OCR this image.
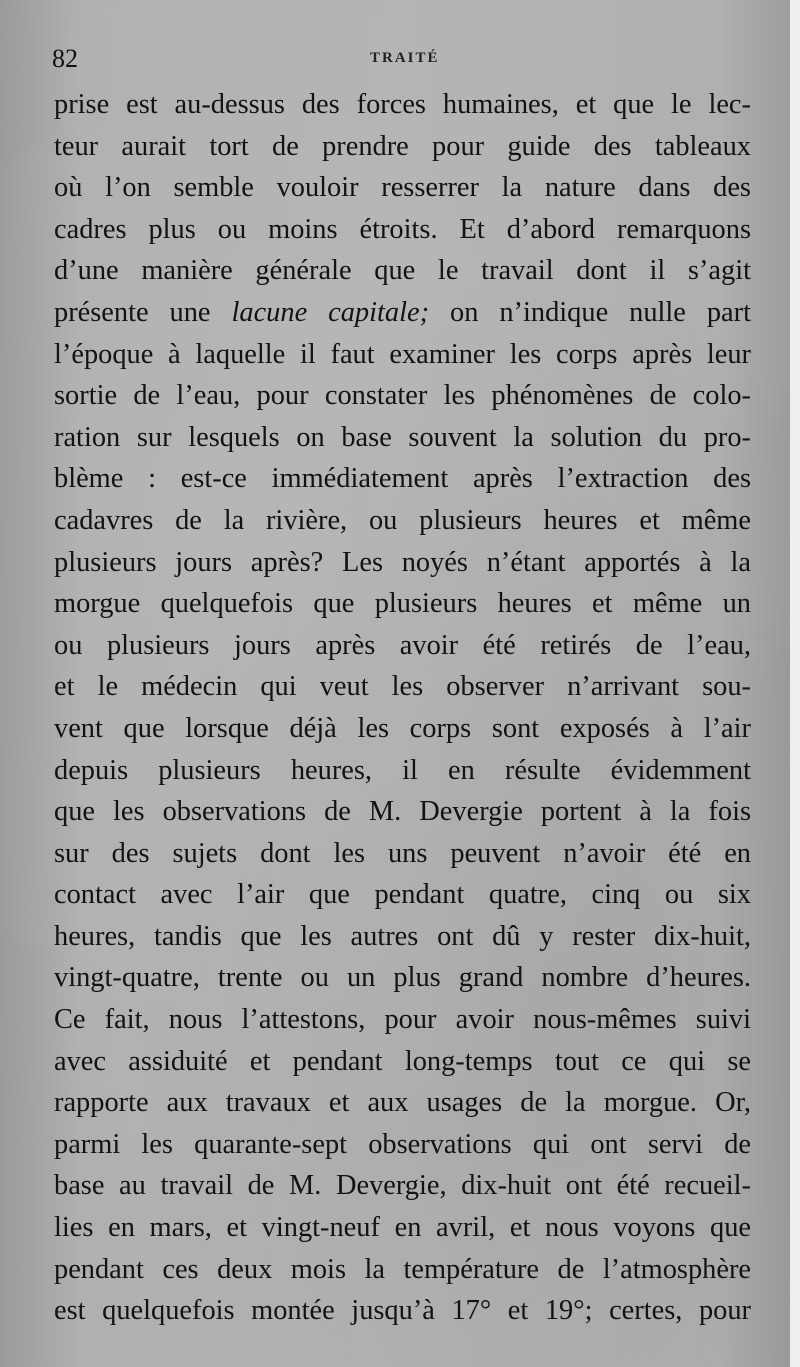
82	TRAITÉ
prise est au-dessus des forces humaines, et que le lec-
teur aurait tort de prendre pour guide des tableaux
où l’on semble vouloir resserrer la nature dans des
cadres plus ou moins étroits. Et d’abord remarquons
d’une manière générale que le travail dont il s’agit
présente une lacune capitale; on n’indique nulle part
l’époque à laquelle il faut examiner les corps après leur
sortie de l’eau, pour constater les phénomènes de colo-
ration sur lesquels on base souvent la solution du pro-
blème : est-ce immédiatement après l’extraction des
cadavres de la rivière, ou plusieurs heures et même
plusieurs jours après? Les noyés n’étant apportés à la
morgue quelquefois que plusieurs heures et même un
ou plusieurs jours après avoir été retirés de l’eau,
et le médecin qui veut les observer n’arrivant sou-
vent que lorsque déjà les corps sont exposés à l’air
depuis plusieurs heures, il en résulte évidemment
que les observations de M. Devergie portent à la fois
sur des sujets dont les uns peuvent n’avoir été en
contact avec l’air que pendant quatre, cinq ou six
heures, tandis que les autres ont dû y rester dix-huit,
vingt-quatre, trente ou un plus grand nombre d’heures.
Ce fait, nous l’attestons, pour avoir nous-mêmes suivi
avec assiduité et pendant long-temps tout ce qui se
rapporte aux travaux et aux usages de la morgue. Or,
parmi les quarante-sept observations qui ont servi de
base au travail de M. Devergie, dix-huit ont été recueil-
lies en mars, et vingt-neuf en avril, et nous voyons que
pendant ces deux mois la température de l’atmosphère
est quelquefois montée jusqu’à 17° et 19°; certes, pour
